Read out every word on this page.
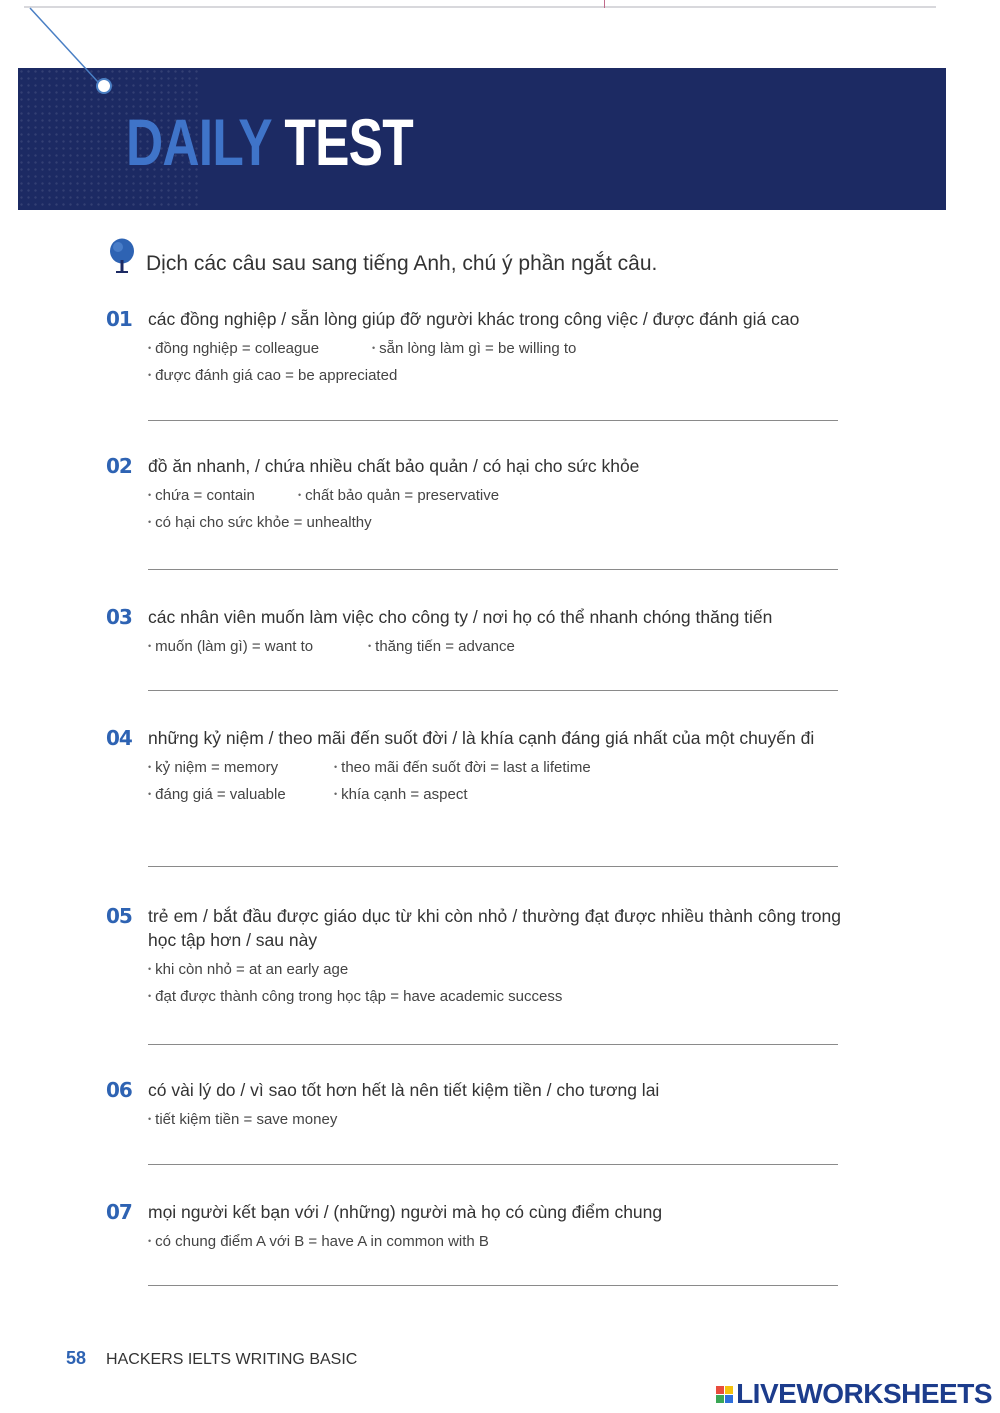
DAILY TEST
Dịch các câu sau sang tiếng Anh, chú ý phần ngắt câu.
01 các đồng nghiệp / sẵn lòng giúp đỡ người khác trong công việc / được đánh giá cao
• đồng nghiệp = colleague	• sẵn lòng làm gì = be willing to
• được đánh giá cao = be appreciated
02 đồ ăn nhanh, / chứa nhiều chất bảo quản / có hại cho sức khỏe
• chứa = contain	• chất bảo quản = preservative
• có hại cho sức khỏe = unhealthy
03 các nhân viên muốn làm việc cho công ty / nơi họ có thể nhanh chóng thăng tiến
• muốn (làm gì) = want to	• thăng tiến = advance
04 những kỷ niệm / theo mãi đến suốt đời / là khía cạnh đáng giá nhất của một chuyến đi
• kỷ niệm = memory	• theo mãi đến suốt đời = last a lifetime
• đáng giá = valuable	• khía cạnh = aspect
05 trẻ em / bắt đầu được giáo dục từ khi còn nhỏ / thường đạt được nhiều thành công trong học tập hơn / sau này
• khi còn nhỏ = at an early age
• đạt được thành công trong học tập = have academic success
06 có vài lý do / vì sao tốt hơn hết là nên tiết kiệm tiền / cho tương lai
• tiết kiệm tiền = save money
07 mọi người kết bạn với / (những) người mà họ có cùng điểm chung
• có chung điểm A với B = have A in common with B
58 HACKERS IELTS WRITING BASIC
LIVEWORKSHEETS
